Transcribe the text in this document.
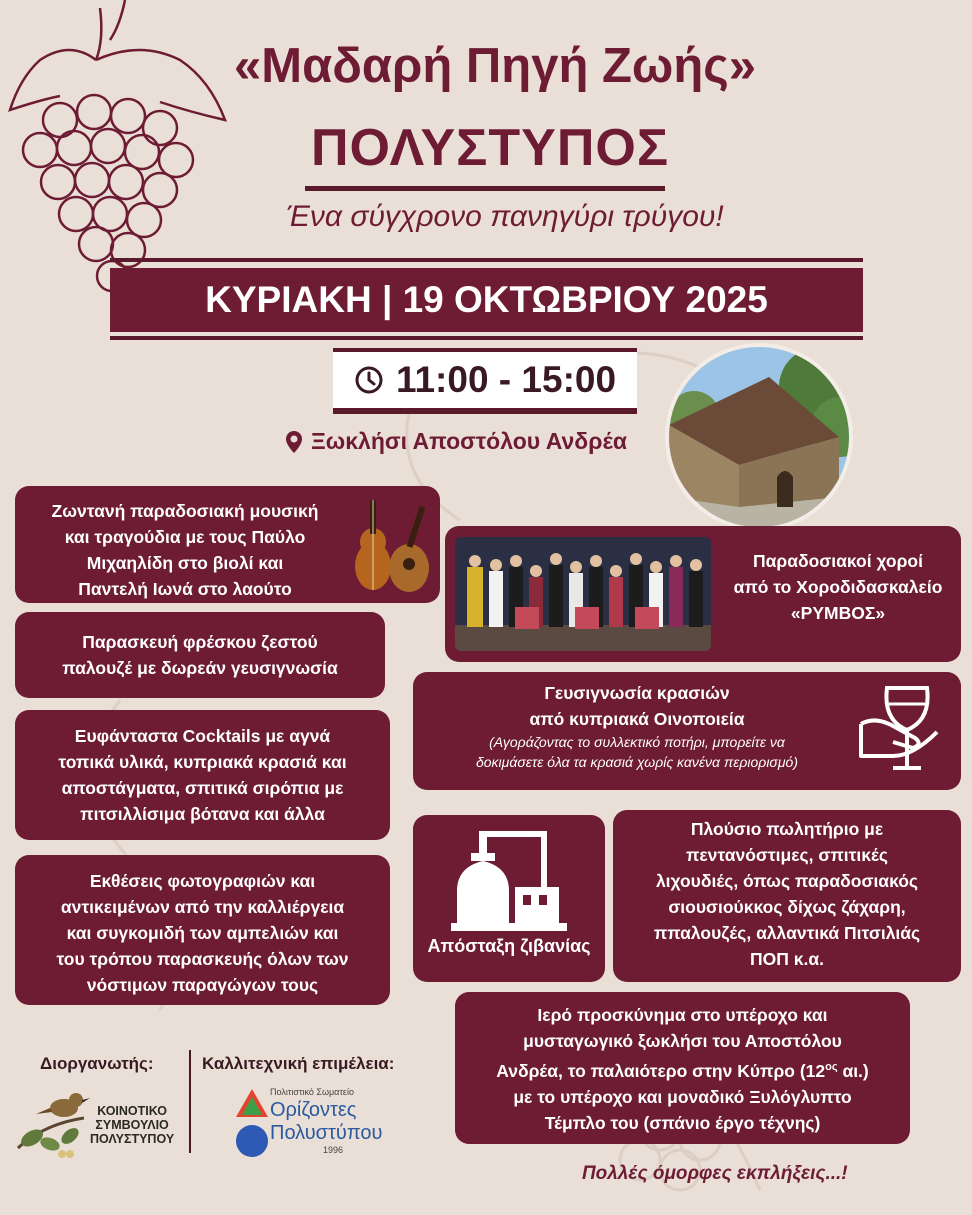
«Μαδαρή Πηγή Ζωής»
ΠΟΛΥΣΤΥΠΟΣ
Ένα σύγχρονο πανηγύρι τρύγου!
ΚΥΡΙΑΚΗ | 19 ΟΚΤΩΒΡΙΟΥ 2025
11:00 - 15:00
Ξωκλήσι Αποστόλου Ανδρέα
Ζωντανή παραδοσιακή μουσική
και τραγούδια με τους Παύλο
Μιχαηλίδη στο βιολί και
Παντελή Ιωνά στο λαούτο
Παρασκευή φρέσκου ζεστού
παλουζέ με δωρεάν γευσιγνωσία
Ευφάνταστα Cocktails με αγνά
τοπικά υλικά, κυπριακά κρασιά και
αποστάγματα, σπιτικά σιρόπια με
πιτσιλλίσιμα βότανα και άλλα
Εκθέσεις φωτογραφιών και
αντικειμένων από την καλλιέργεια
και συγκομιδή των αμπελιών και
του τρόπου παρασκευής όλων των
νόστιμων παραγώγων τους
Παραδοσιακοί χοροί
από το Χοροδιδασκαλείο
«ΡΥΜΒΟΣ»
Γευσιγνωσία κρασιών
από κυπριακά Οινοποιεία
(Αγοράζοντας το συλλεκτικό ποτήρι, μπορείτε να
δοκιμάσετε όλα τα κρασιά χωρίς κανένα περιορισμό)
Απόσταξη ζιβανίας
Πλούσιο πωλητήριο με
πεντανόστιμες, σπιτικές
λιχουδιές, όπως παραδοσιακός
σιουσιούκκος δίχως ζάχαρη,
ππαλουζές, αλλαντικά Πιτσιλιάς
ΠΟΠ κ.α.
Ιερό προσκύνημα στο υπέροχο και
μυσταγωγικό ξωκλήσι του Αποστόλου
Ανδρέα, το παλαιότερο στην Κύπρο ($12^{o\varsigma}$ αι.)
με το υπέροχο και μοναδικό Ξυλόγλυπτο
Τέμπλο του (σπάνιο έργο τέχνης)
Διοργανωτής:	Καλλιτεχνική επιμέλεια:
ΚΟΙΝΟΤΙΚΟ
ΣΥΜΒΟΥΛΙΟ
ΠΟΛΥΣΤΥΠΟΥ
Πολιτιστικό Σωματείο
Ορίζοντες
Πολυστύπου
1996
Πολλές όμορφες εκπλήξεις...!
